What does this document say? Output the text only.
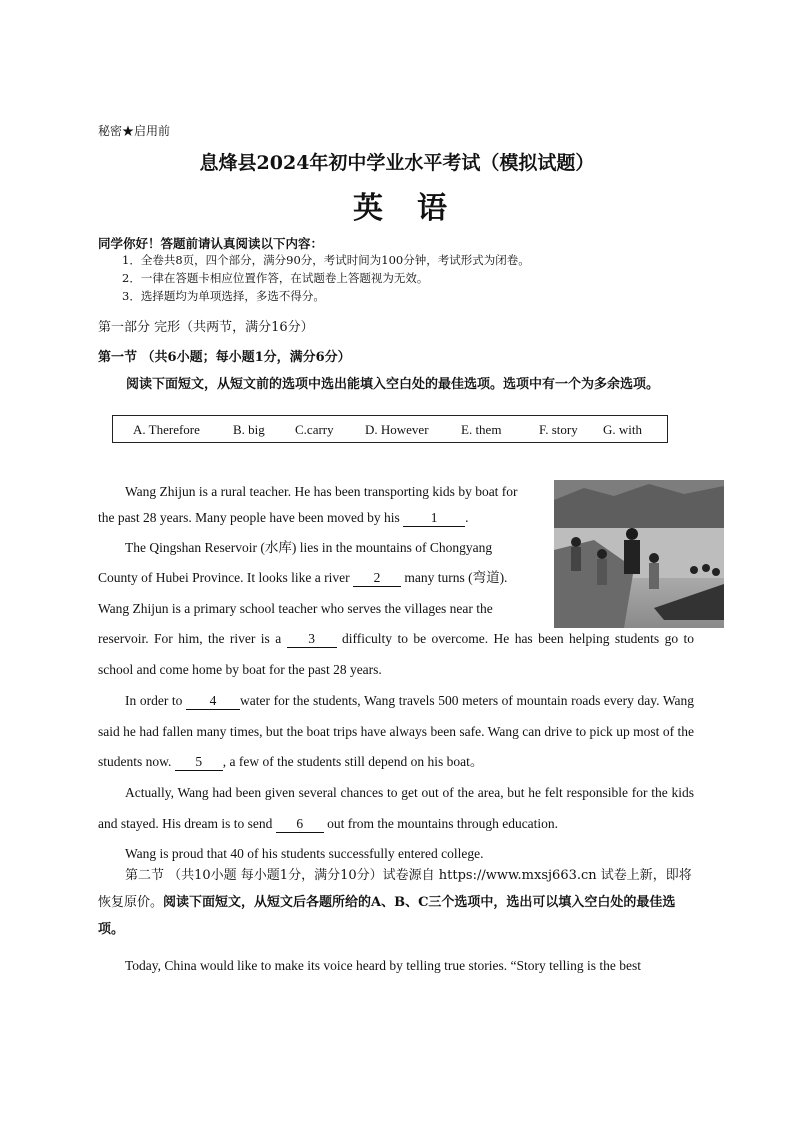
秘密★启用前
息烽县2024年初中学业水平考试（模拟试题）
英语
同学你好！答题前请认真阅读以下内容：
1．全卷共8页，四个部分，满分90分，考试时间为100分钟，考试形式为闭卷。
2．一律在答题卡相应位置作答，在试题卷上答题视为无效。
3．选择题均为单项选择，多选不得分。
第一部分 完形（共两节，满分16分）
第一节 （共6小题；每小题1分，满分6分）
阅读下面短文，从短文前的选项中选出能填入空白处的最佳选项。选项中有一个为多余选项。
A. Therefore	B. big C.carry D. However E. them	F. story G. with
Wang Zhijun is a rural teacher. He has been transporting kids by boat for
the past 28 years. Many people have been moved by his 1 .
The Qingshan Reservoir (水库) lies in the mountains of Chongyang
County of Hubei Province. It looks like a river 2 many turns (弯道).
Wang Zhijun is a primary school teacher who serves the villages near the
reservoir. For him, the river is a 3 difficulty to be overcome. He has been helping students go to school and come home by boat for the past 28 years.
In order to 4 water for the students, Wang travels 500 meters of mountain roads every day. Wang said he had fallen many times, but the boat trips have always been safe. Wang can drive to pick up most of the students now. 5 , a few of the students still depend on his boat。
Actually, Wang had been given several chances to get out of the area, but he felt responsible for the kids and stayed. His dream is to send 6 out from the mountains through education.
Wang is proud that 40 of his students successfully entered college.
第二节 （共10小题 每小题1分，满分10分）试卷源自 https://www.mxsj663.cn 试卷上新，即将恢复原价。阅读下面短文，从短文后各题所给的A、B、C三个选项中，选出可以填入空白处的最佳选项。
Today, China would like to make its voice heard by telling true stories. “Story telling is the best
